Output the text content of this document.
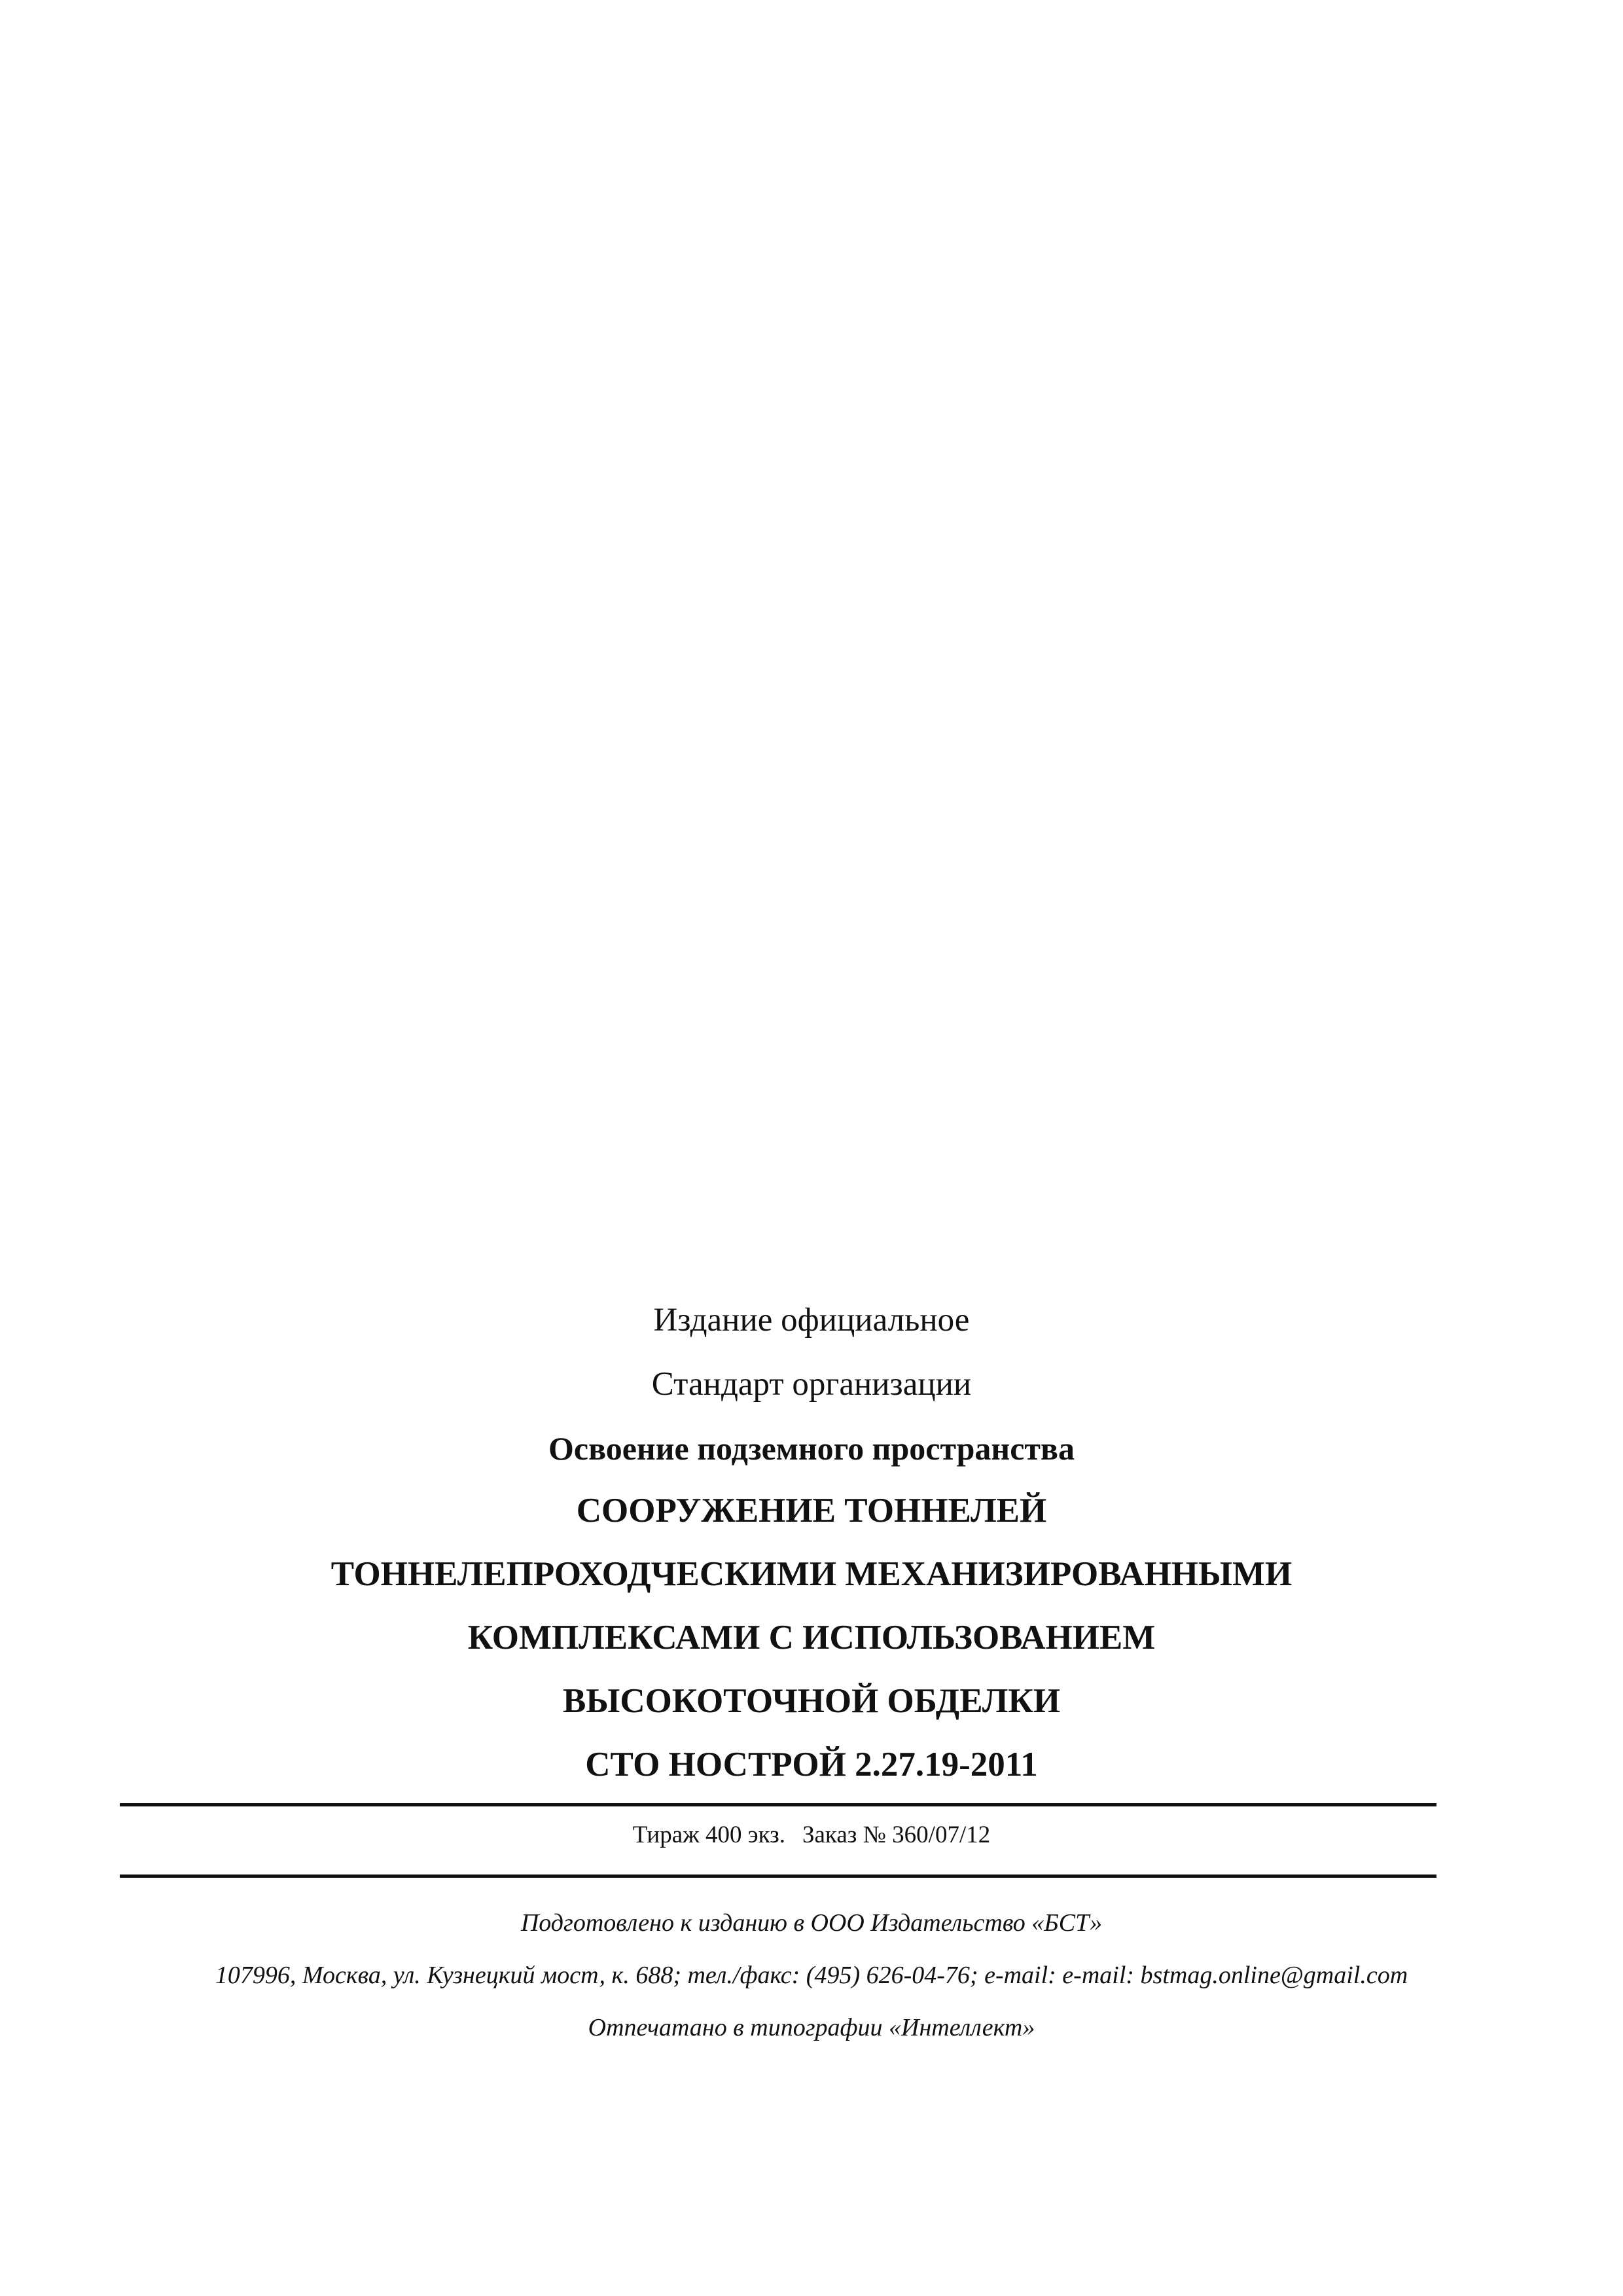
Издание официальное

Стандарт организации

Освоение подземного пространства

СООРУЖЕНИЕ ТОННЕЛЕЙ

ТОННЕЛЕПРОХОДЧЕСКИМИ МЕХАНИЗИРОВАННЫМИ

КОМПЛЕКСАМИ С ИСПОЛЬЗОВАНИЕМ

ВЫСОКОТОЧНОЙ ОБДЕЛКИ

СТО НОСТРОЙ 2.27.19-2011

Тираж 400 экз. Заказ № 360/07/12

Подготовлено к изданию в ООО Издательство «БСТ»

107996, Москва, ул. Кузнецкий мост, к. 688; тел./факс: (495) 626-04-76; e-mail: e-mail: bstmag.online@gmail.com

Отпечатано в типографии «Интеллект»
